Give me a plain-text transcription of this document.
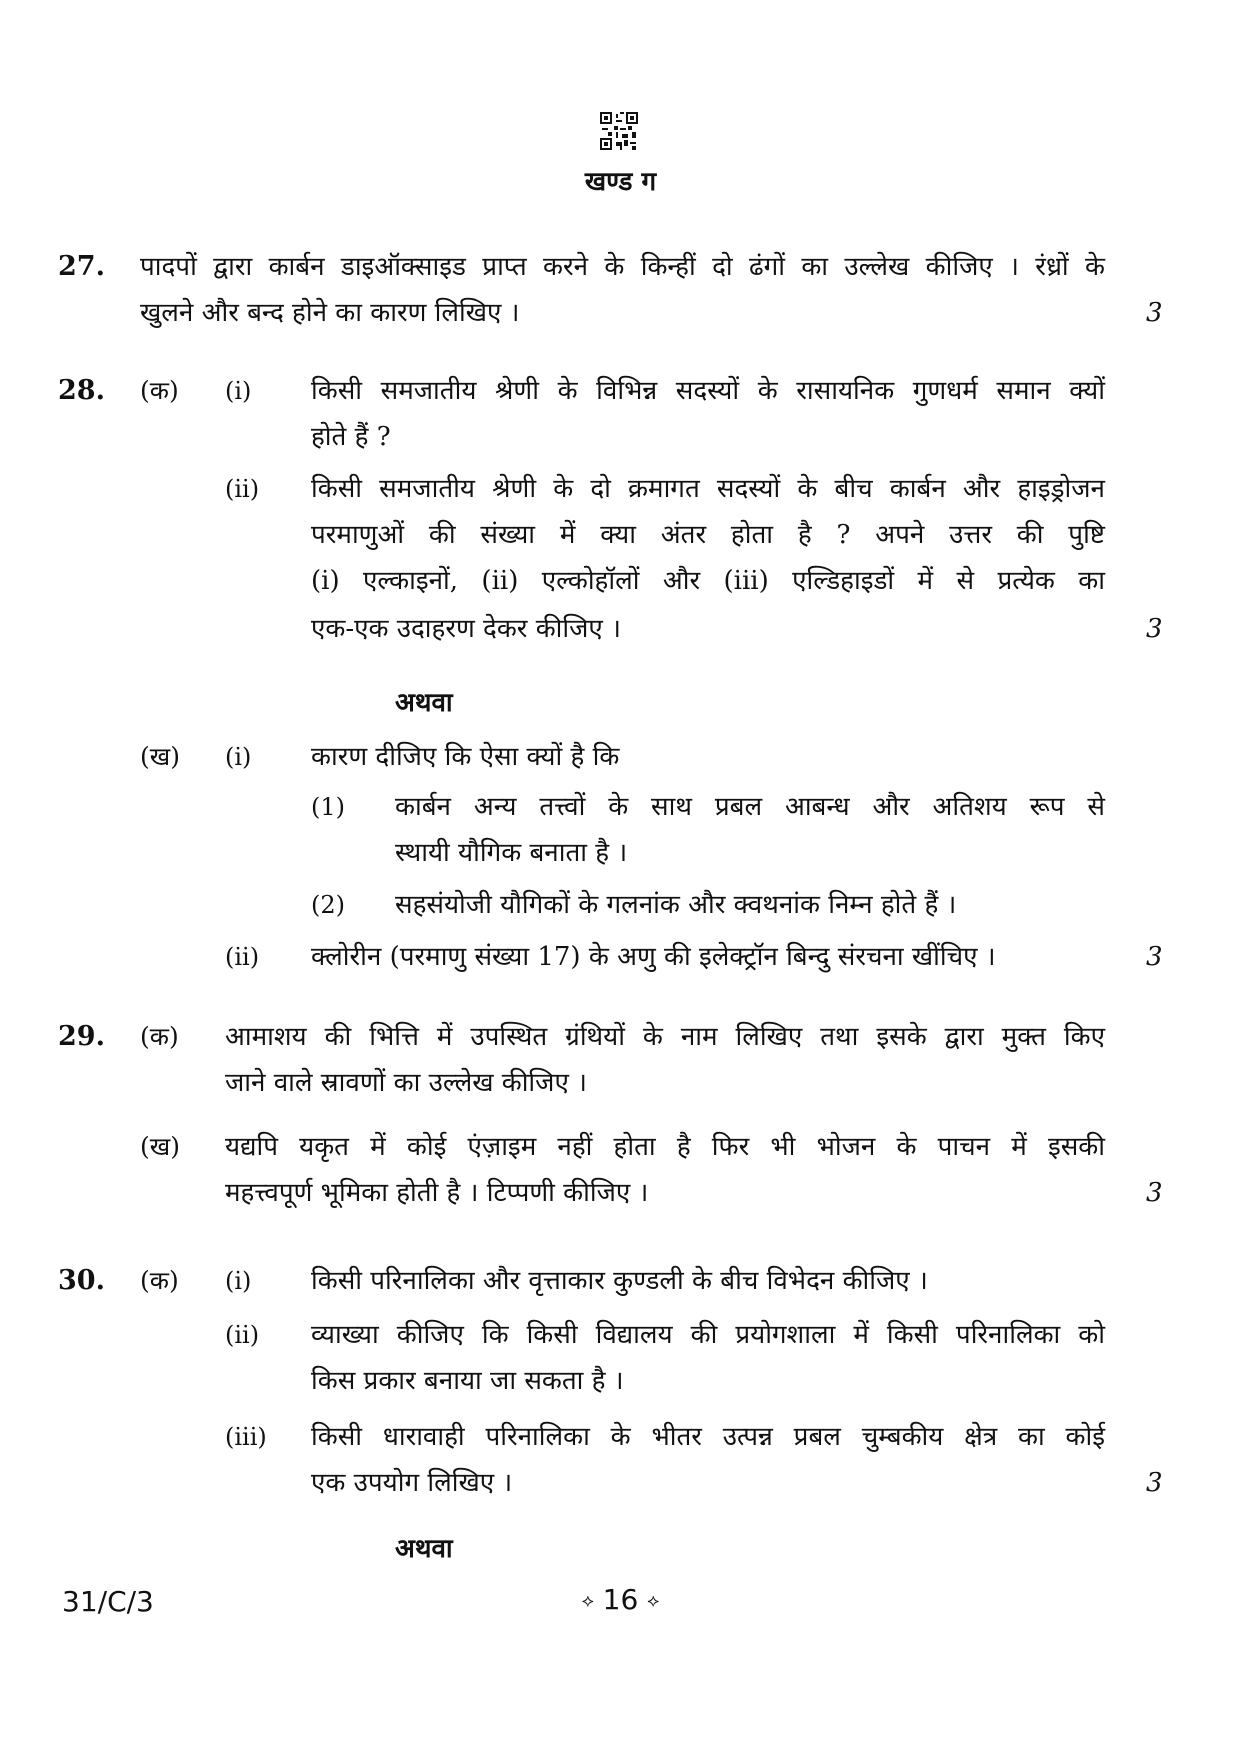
खण्ड ग
27. पादपों द्वारा कार्बन डाइऑक्साइड प्राप्त करने के किन्हीं दो ढंगों का उल्लेख कीजिए । रंध्रों के
खुलने और बन्द होने का कारण लिखिए ।	3
28. (क) (i) किसी समजातीय श्रेणी के विभिन्न सदस्यों के रासायनिक गुणधर्म समान क्यों
होते हैं ?
(ii) किसी समजातीय श्रेणी के दो क्रमागत सदस्यों के बीच कार्बन और हाइड्रोजन
परमाणुओं की संख्या में क्या अंतर होता है ? अपने उत्तर की पुष्टि
(i) एल्काइनों, (ii) एल्कोहॉलों और (iii) एल्डिहाइडों में से प्रत्येक का
एक-एक उदाहरण देकर कीजिए ।	3
अथवा
(ख) (i) कारण दीजिए कि ऐसा क्यों है कि
(1) कार्बन अन्य तत्त्वों के साथ प्रबल आबन्ध और अतिशय रूप से
स्थायी यौगिक बनाता है ।
(2) सहसंयोजी यौगिकों के गलनांक और क्वथनांक निम्न होते हैं ।
(ii) क्लोरीन (परमाणु संख्या 17) के अणु की इलेक्ट्रॉन बिन्दु संरचना खींचिए ।	3
29. (क) आमाशय की भित्ति में उपस्थित ग्रंथियों के नाम लिखिए तथा इसके द्वारा मुक्त किए
जाने वाले स्रावणों का उल्लेख कीजिए ।
(ख) यद्यपि यकृत में कोई एंज़ाइम नहीं होता है फिर भी भोजन के पाचन में इसकी
महत्त्वपूर्ण भूमिका होती है । टिप्पणी कीजिए ।	3
30. (क) (i) किसी परिनालिका और वृत्ताकार कुण्डली के बीच विभेदन कीजिए ।
(ii) व्याख्या कीजिए कि किसी विद्यालय की प्रयोगशाला में किसी परिनालिका को
किस प्रकार बनाया जा सकता है ।
(iii) किसी धारावाही परिनालिका के भीतर उत्पन्न प्रबल चुम्बकीय क्षेत्र का कोई
एक उपयोग लिखिए ।	3
अथवा
31/C/3	⟡ 16 ⟡
